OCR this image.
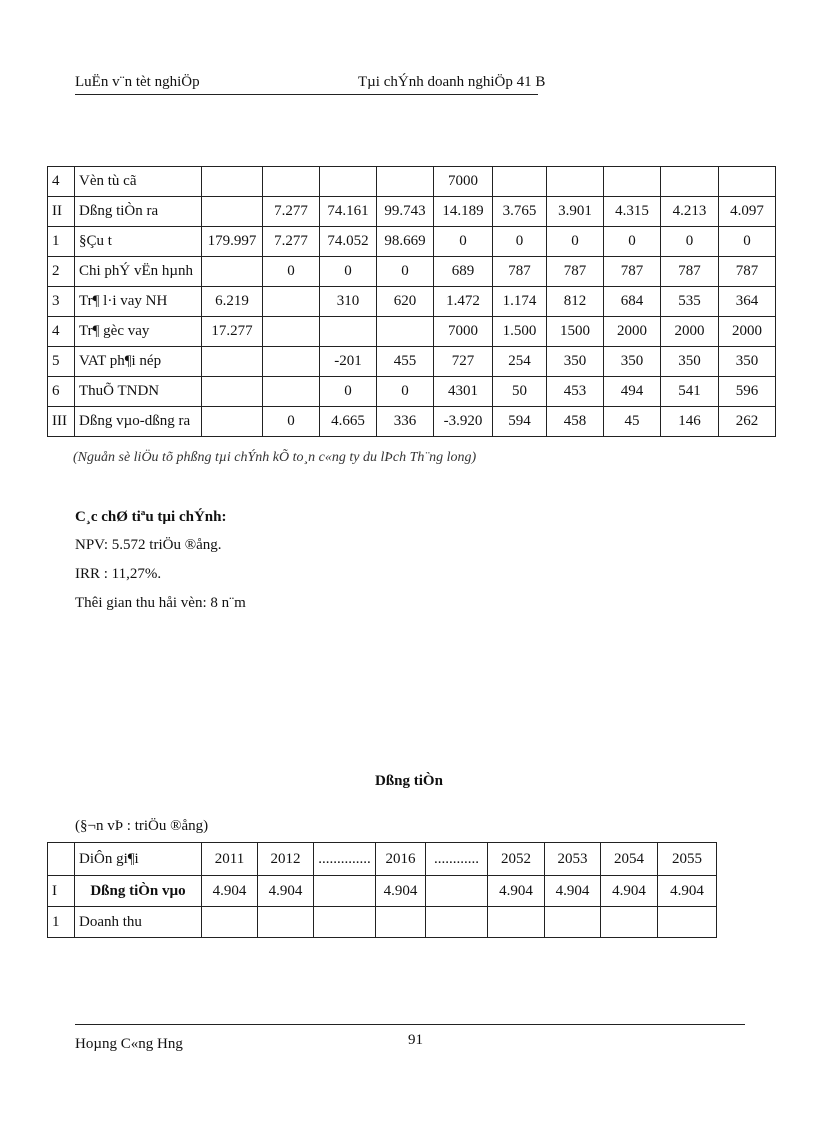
LuËn v¨n tèt nghiÖp	Tµi chÝnh doanh nghiÖp 41 B
4	Vèn tù cã					7000					
II	Dßng tiÒn ra		7.277	74.161	99.743	14.189	3.765	3.901	4.315	4.213	4.097
1	§Çu t	179.997	7.277	74.052	98.669	0	0	0	0	0	0
2	Chi phÝ vËn hµnh		0	0	0	689	787	787	787	787	787
3	Tr¶ l·i vay NH	6.219		310	620	1.472	1.174	812	684	535	364
4	Tr¶ gèc vay	17.277				7000	1.500	1500	2000	2000	2000
5	VAT ph¶i nép			-201	455	727	254	350	350	350	350
6	ThuÕ TNDN			0	0	4301	50	453	494	541	596
III	Dßng vµo-dßng ra		0	4.665	336	-3.920	594	458	45	146	262
(Nguån sè liÖu tõ phßng tµi chÝnh kÕ to¸n c«ng ty du lÞch Th¨ng long)
C¸c chØ tiªu tµi chÝnh:
NPV: 5.572 triÖu ®ång.
IRR : 11,27%.
Thêi gian thu håi vèn: 8 n¨m
Dßng tiÒn
(§¬n vÞ : triÖu ®ång)
	DiÔn gi¶i	2011	2012	..............	2016	............	2052	2053	2054	2055
I	Dßng tiÒn vµo	4.904	4.904		4.904		4.904	4.904	4.904	4.904
1	Doanh thu									
Hoµng C«ng Hng	91
